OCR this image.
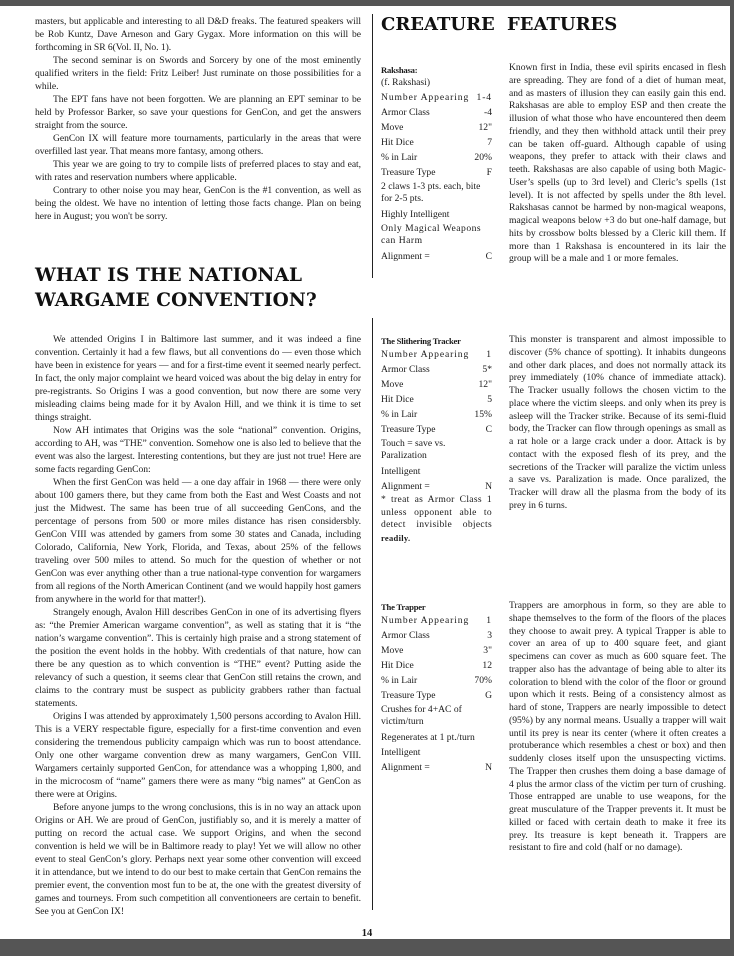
masters, but applicable and interesting to all D&D freaks. The featured speakers will be Rob Kuntz, Dave Arneson and Gary Gygax. More information on this will be forthcoming in SR 6(Vol. II, No. 1).

The second seminar is on Swords and Sorcery by one of the most eminently qualified writers in the field: Fritz Leiber! Just ruminate on those possibilities for a while.

The EPT fans have not been forgotten. We are planning an EPT seminar to be held by Professor Barker, so save your questions for GenCon, and get the answers straight from the source.

GenCon IX will feature more tournaments, particularly in the areas that were overfilled last year. That means more fantasy, among others.

This year we are going to try to compile lists of preferred places to stay and eat, with rates and reservation numbers where applicable.

Contrary to other noise you may hear, GenCon is the #1 convention, as well as being the oldest. We have no intention of letting those facts change. Plan on being here in August; you won't be sorry.

WHAT IS THE NATIONAL WARGAME CONVENTION?

We attended Origins I in Baltimore last summer, and it was indeed a fine convention. Certainly it had a few flaws, but all conventions do — even those which have been in existence for years — and for a first-time event it seemed nearly perfect. In fact, the only major complaint we heard voiced was about the big delay in entry for pre-registrants. So Origins I was a good convention, but now there are some very misleading claims being made for it by Avalon Hill, and we think it is time to set things straight.

Now AH intimates that Origins was the sole “national” convention. Origins, according to AH, was “THE” convention. Somehow one is also led to believe that the event was also the largest. Interesting contentions, but they are just not true! Here are some facts regarding GenCon:

When the first GenCon was held — a one day affair in 1968 — there were only about 100 gamers there, but they came from both the East and West Coasts and not just the Midwest. The same has been true of all succeeding GenCons, and the percentage of persons from 500 or more miles distance has risen considersbly. GenCon VIII was attended by gamers from some 30 states and Canada, including Colorado, California, New York, Florida, and Texas, about 25% of the fellows traveling over 500 miles to attend. So much for the question of whether or not GenCon was ever anything other than a true national-type convention for wargamers from all regions of the North American Continent (and we would happily host gamers from anywhere in the world for that matter!).

Strangely enough, Avalon Hill describes GenCon in one of its advertising flyers as: “the Premier American wargame convention”, as well as stating that it is “the nation’s wargame convention”. This is certainly high praise and a strong statement of the position the event holds in the hobby. With credentials of that nature, how can there be any question as to which convention is “THE” event? Putting aside the relevancy of such a question, it seems clear that GenCon still retains the crown, and claims to the contrary must be suspect as publicity grabbers rather than factual statements.

Origins I was attended by approximately 1,500 persons according to Avalon Hill. This is a VERY respectable figure, especially for a first-time convention and even considering the tremendous publicity campaign which was run to boost attendance. Only one other wargame convention drew as many wargamers, GenCon VIII. Wargamers certainly supported GenCon, for attendance was a whopping 1,800, and in the microcosm of “name” gamers there were as many “big names” at GenCon as there were at Origins.

Before anyone jumps to the wrong conclusions, this is in no way an attack upon Origins or AH. We are proud of GenCon, justifiably so, and it is merely a matter of putting on record the actual case. We support Origins, and when the second convention is held we will be in Baltimore ready to play! Yet we will allow no other event to steal GenCon’s glory. Perhaps next year some other convention will exceed it in attendance, but we intend to do our best to make certain that GenCon remains the premier event, the convention most fun to be at, the one with the greatest diversity of games and tourneys. From such competition all conventioneers are certain to benefit. See you at GenCon IX!

CREATURE FEATURES
Rakshasa:
(f. Rakshasi)
Number Appearing 1-4
Armor Class	-4
Move	12"
Hit Dice	7
% in Lair	20%
Treasure Type	F
2 claws 1-3 pts. each, bite for 2-5 pts.
Highly Intelligent
Only Magical Weapons can Harm
Alignment =	C

Known first in India, these evil spirits encased in flesh are spreading. They are fond of a diet of human meat, and as masters of illusion they can easily gain this end. Rakshasas are able to employ ESP and then create the illusion of what those who have encountered then deem friendly, and they then withhold attack until their prey can be taken off-guard. Although capable of using weapons, they prefer to attack with their claws and teeth. Rakshasas are also capable of using both Magic-User’s spells (up to 3rd level) and Cleric’s spells (1st level). It is not affected by spells under the 8th level. Rakshasas cannot be harmed by non-magical weapons, magical weapons below +3 do but one-half damage, but hits by crossbow bolts blessed by a Cleric kill them. If more than 1 Rakshasa is encountered in its lair the group will be a male and 1 or more females.

The Slithering Tracker
Number Appearing 1
Armor Class	5*
Move	12"
Hit Dice	5
% in Lair	15%
Treasure Type	C
Touch = save vs. Paralization
Intelligent
Alignment =	N
* treat as Armor Class 1 unless opponent able to detect invisible objects readily.

This monster is transparent and almost impossible to discover (5% chance of spotting). It inhabits dungeons and other dark places, and does not normally attack its prey immediately (10% chance of immediate attack). The Tracker usually follows the chosen victim to the place where the victim sleeps. and only when its prey is asleep will the Tracker strike. Because of its semi-fluid body, the Tracker can flow through openings as small as a rat hole or a large crack under a door. Attack is by contact with the exposed flesh of its prey, and the secretions of the Tracker will paralize the victim unless a save vs. Paralization is made. Once paralized, the Tracker will draw all the plasma from the body of its prey in 6 turns.

The Trapper
Number Appearing 1
Armor Class	3
Move	3"
Hit Dice	12
% in Lair	70%
Treasure Type	G
Crushes for 4+AC of victim/turn
Regenerates at 1 pt./turn
Intelligent
Alignment =	N

Trappers are amorphous in form, so they are able to shape themselves to the form of the floors of the places they choose to await prey. A typical Trapper is able to cover an area of up to 400 square feet, and giant specimens can cover as much as 600 square feet. The trapper also has the advantage of being able to alter its coloration to blend with the color of the floor or ground upon which it rests. Being of a consistency almost as hard of stone, Trappers are nearly impossible to detect (95%) by any normal means. Usually a trapper will wait until its prey is near its center (where it often creates a protuberance which resembles a chest or box) and then suddenly closes itself upon the unsuspecting victims. The Trapper then crushes them doing a base damage of 4 plus the armor class of the victim per turn of crushing. Those entrapped are unable to use weapons, for the great musculature of the Trapper prevents it. It must be killed or faced with certain death to make it free its prey. Its treasure is kept beneath it. Trappers are resistant to fire and cold (half or no damage).

14
